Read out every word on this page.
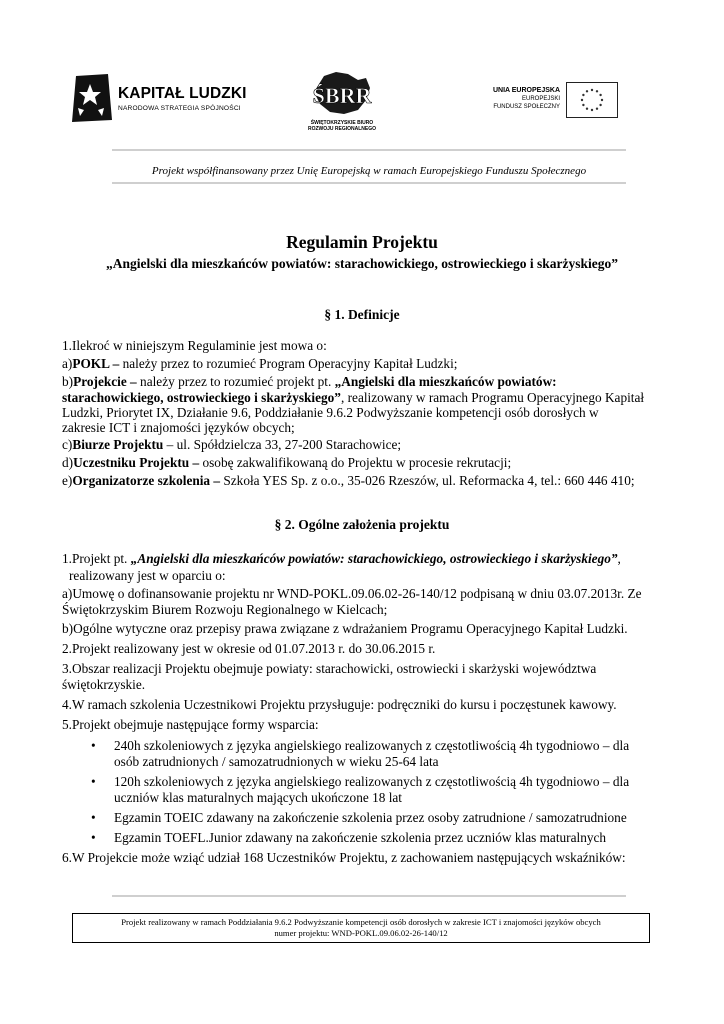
KAPITAŁ LUDZKI
NARODOWA STRATEGIA SPÓJNOŚCI
ŚBRR
ŚWIĘTOKRZYSKIE BIURO
ROZWOJU REGIONALNEGO
UNIA EUROPEJSKA
EUROPEJSKI
FUNDUSZ SPOŁECZNY
Projekt współfinansowany przez Unię Europejską w ramach Europejskiego Funduszu Społecznego
Regulamin Projektu
„Angielski dla mieszkańców powiatów: starachowickiego, ostrowieckiego i skarżyskiego”
§ 1. Definicje
1.Ilekroć w niniejszym Regulaminie jest mowa o:
a)POKL – należy przez to rozumieć Program Operacyjny Kapitał Ludzki;
b)Projekcie – należy przez to rozumieć projekt pt. „Angielski dla mieszkańców powiatów:
starachowickiego, ostrowieckiego i skarżyskiego”, realizowany w ramach Programu Operacyjnego Kapitał
Ludzki, Priorytet IX, Działanie 9.6, Poddziałanie 9.6.2 Podwyższanie kompetencji osób dorosłych w
zakresie ICT i znajomości języków obcych;
c)Biurze Projektu – ul. Spółdzielcza 33, 27-200 Starachowice;
d)Uczestniku Projektu – osobę zakwalifikowaną do Projektu w procesie rekrutacji;
e)Organizatorze szkolenia – Szkoła YES Sp. z o.o., 35-026 Rzeszów, ul. Reformacka 4, tel.: 660 446 410;
§ 2. Ogólne założenia projektu
1.Projekt pt. „Angielski dla mieszkańców powiatów: starachowickiego, ostrowieckiego i skarżyskiego”,
realizowany jest w oparciu o:
a)Umowę o dofinansowanie projektu nr WND-POKL.09.06.02-26-140/12 podpisaną w dniu 03.07.2013r. Ze
Świętokrzyskim Biurem Rozwoju Regionalnego w Kielcach;
b)Ogólne wytyczne oraz przepisy prawa związane z wdrażaniem Programu Operacyjnego Kapitał Ludzki.
2.Projekt realizowany jest w okresie od 01.07.2013 r. do 30.06.2015 r.
3.Obszar realizacji Projektu obejmuje powiaty: starachowicki, ostrowiecki i skarżyski województwa
świętokrzyskie.
4.W ramach szkolenia Uczestnikowi Projektu przysługuje: podręczniki do kursu i poczęstunek kawowy.
5.Projekt obejmuje następujące formy wsparcia:
• 240h szkoleniowych z języka angielskiego realizowanych z częstotliwością 4h tygodniowo – dla
osób zatrudnionych / samozatrudnionych w wieku 25-64 lata
• 120h szkoleniowych z języka angielskiego realizowanych z częstotliwością 4h tygodniowo – dla
uczniów klas maturalnych mających ukończone 18 lat
• Egzamin TOEIC zdawany na zakończenie szkolenia przez osoby zatrudnione / samozatrudnione
• Egzamin TOEFL.Junior zdawany na zakończenie szkolenia przez uczniów klas maturalnych
6.W Projekcie może wziąć udział 168 Uczestników Projektu, z zachowaniem następujących wskaźników:
Projekt realizowany w ramach Poddziałania 9.6.2 Podwyższanie kompetencji osób dorosłych w zakresie ICT i znajomości języków obcych
numer projektu: WND-POKL.09.06.02-26-140/12
